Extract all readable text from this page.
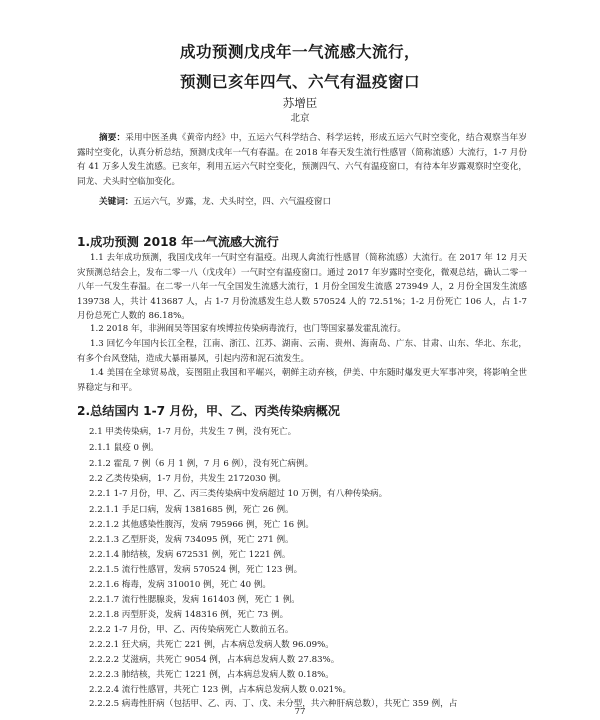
成功预测戊戌年一气流感大流行，
预测已亥年四气、六气有温疫窗口
苏增臣
北京

摘要：采用中医圣典《黄帝内经》中，五运六气科学结合、科学运转，形成五运六气时空变化，结合观察当年岁露时空变化，认真分析总结，预测戊戌年一气有春温。在 2018 年春天发生流行性感冒（简称流感）大流行，1-7 月份有 41 万多人发生流感。已亥年，利用五运六气时空变化，预测四气、六气有温疫窗口，有待本年岁露观察时空变化，同龙、犬头时空临加变化。

关键词：五运六气，岁露，龙、犬头时空，四、六气温疫窗口

1.成功预测 2018 年一气流感大流行

1.1 去年成功预测，我国戊戌年一气时空有温疫。出现人禽流行性感冒（简称流感）大流行。在 2017 年 12 月天灾预测总结会上，发布二零一八（戊戌年）一气时空有温疫窗口。通过 2017 年岁露时空变化，微观总结，确认二零一八年一气发生春温。在二零一八年一气全国发生流感大流行，1 月份全国发生流感 273949 人，2 月份全国发生流感 139738 人，共计 413687 人，占 1-7 月份流感发生总人数 570524 人的 72.51%；1-2 月份死亡 106 人，占 1-7 月份总死亡人数的 86.18%。

1.2 2018 年，非洲闹吴等国家有埃博拉传染病毒流行，也门等国家暴发霍乱流行。

1.3 回忆今年国内长江全程，江南、浙江、江苏、湖南、云南、贵州、海南岛、广东、甘肃、山东、华北、东北，有多个台风登陆，造成大暴雨暴风，引起内涝和泥石流发生。

1.4 美国在全球贸易战，妄图阻止我国和平崛兴，朝鲜主动弃核，伊美、中东随时爆发更大军事冲突，将影响全世界稳定与和平。

2.总结国内 1-7 月份，甲、乙、丙类传染病概况
2.1 甲类传染病，1-7 月份，共发生 7 例，没有死亡。
2.1.1 鼠疫 0 例。
2.1.2 霍乱 7 例（6 月 1 例，7 月 6 例），没有死亡病例。
2.2 乙类传染病，1-7 月份，共发生 2172030 例。
2.2.1 1-7 月份，甲、乙、丙三类传染病中发病超过 10 万例，有八种传染病。
2.2.1.1 手足口病，发病 1381685 例，死亡 26 例。
2.2.1.2 其他感染性腹泻，发病 795966 例，死亡 16 例。
2.2.1.3 乙型肝炎，发病 734095 例，死亡 271 例。
2.2.1.4 肺结核，发病 672531 例，死亡 1221 例。
2.2.1.5 流行性感冒，发病 570524 例，死亡 123 例。
2.2.1.6 梅毒，发病 310010 例，死亡 40 例。
2.2.1.7 流行性腮腺炎，发病 161403 例，死亡 1 例。
2.2.1.8 丙型肝炎，发病 148316 例，死亡 73 例。
2.2.2 1-7 月份，甲、乙、丙传染病死亡人数前五名。
2.2.2.1 狂犬病，共死亡 221 例，占本病总发病人数 96.09%。
2.2.2.2 艾滋病，共死亡 9054 例，占本病总发病人数 27.83%。
2.2.2.3 肺结核，共死亡 1221 例，占本病总发病人数 0.18%。
2.2.2.4 流行性感冒，共死亡 123 例，占本病总发病人数 0.021%。
2.2.2.5 病毒性肝病（包括甲、乙、丙、丁、戊、未分型，共六种肝病总数），共死亡 359 例，占
77
